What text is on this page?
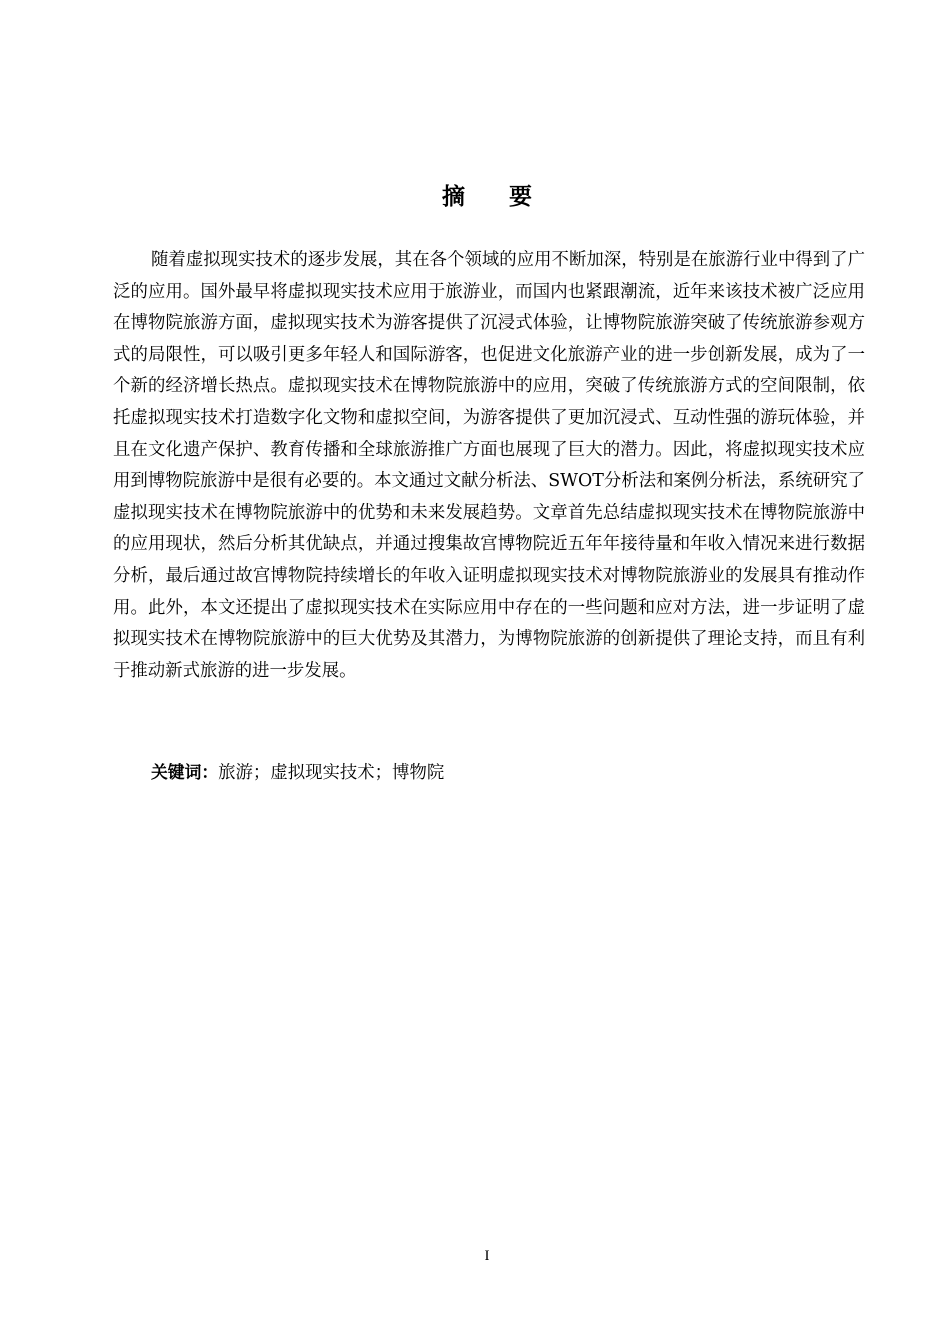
摘 要

随着虚拟现实技术的逐步发展，其在各个领域的应用不断加深，特别是在旅游行业中得到了广泛的应用。国外最早将虚拟现实技术应用于旅游业，而国内也紧跟潮流，近年来该技术被广泛应用在博物院旅游方面，虚拟现实技术为游客提供了沉浸式体验，让博物院旅游突破了传统旅游参观方式的局限性，可以吸引更多年轻人和国际游客，也促进文化旅游产业的进一步创新发展，成为了一个新的经济增长热点。虚拟现实技术在博物院旅游中的应用，突破了传统旅游方式的空间限制，依托虚拟现实技术打造数字化文物和虚拟空间，为游客提供了更加沉浸式、互动性强的游玩体验，并且在文化遗产保护、教育传播和全球旅游推广方面也展现了巨大的潜力。因此，将虚拟现实技术应用到博物院旅游中是很有必要的。本文通过文献分析法、SWOT分析法和案例分析法，系统研究了虚拟现实技术在博物院旅游中的优势和未来发展趋势。文章首先总结虚拟现实技术在博物院旅游中的应用现状，然后分析其优缺点，并通过搜集故宫博物院近五年年接待量和年收入情况来进行数据分析，最后通过故宫博物院持续增长的年收入证明虚拟现实技术对博物院旅游业的发展具有推动作用。此外，本文还提出了虚拟现实技术在实际应用中存在的一些问题和应对方法，进一步证明了虚拟现实技术在博物院旅游中的巨大优势及其潜力，为博物院旅游的创新提供了理论支持，而且有利于推动新式旅游的进一步发展。

关键词：旅游；虚拟现实技术；博物院
I
